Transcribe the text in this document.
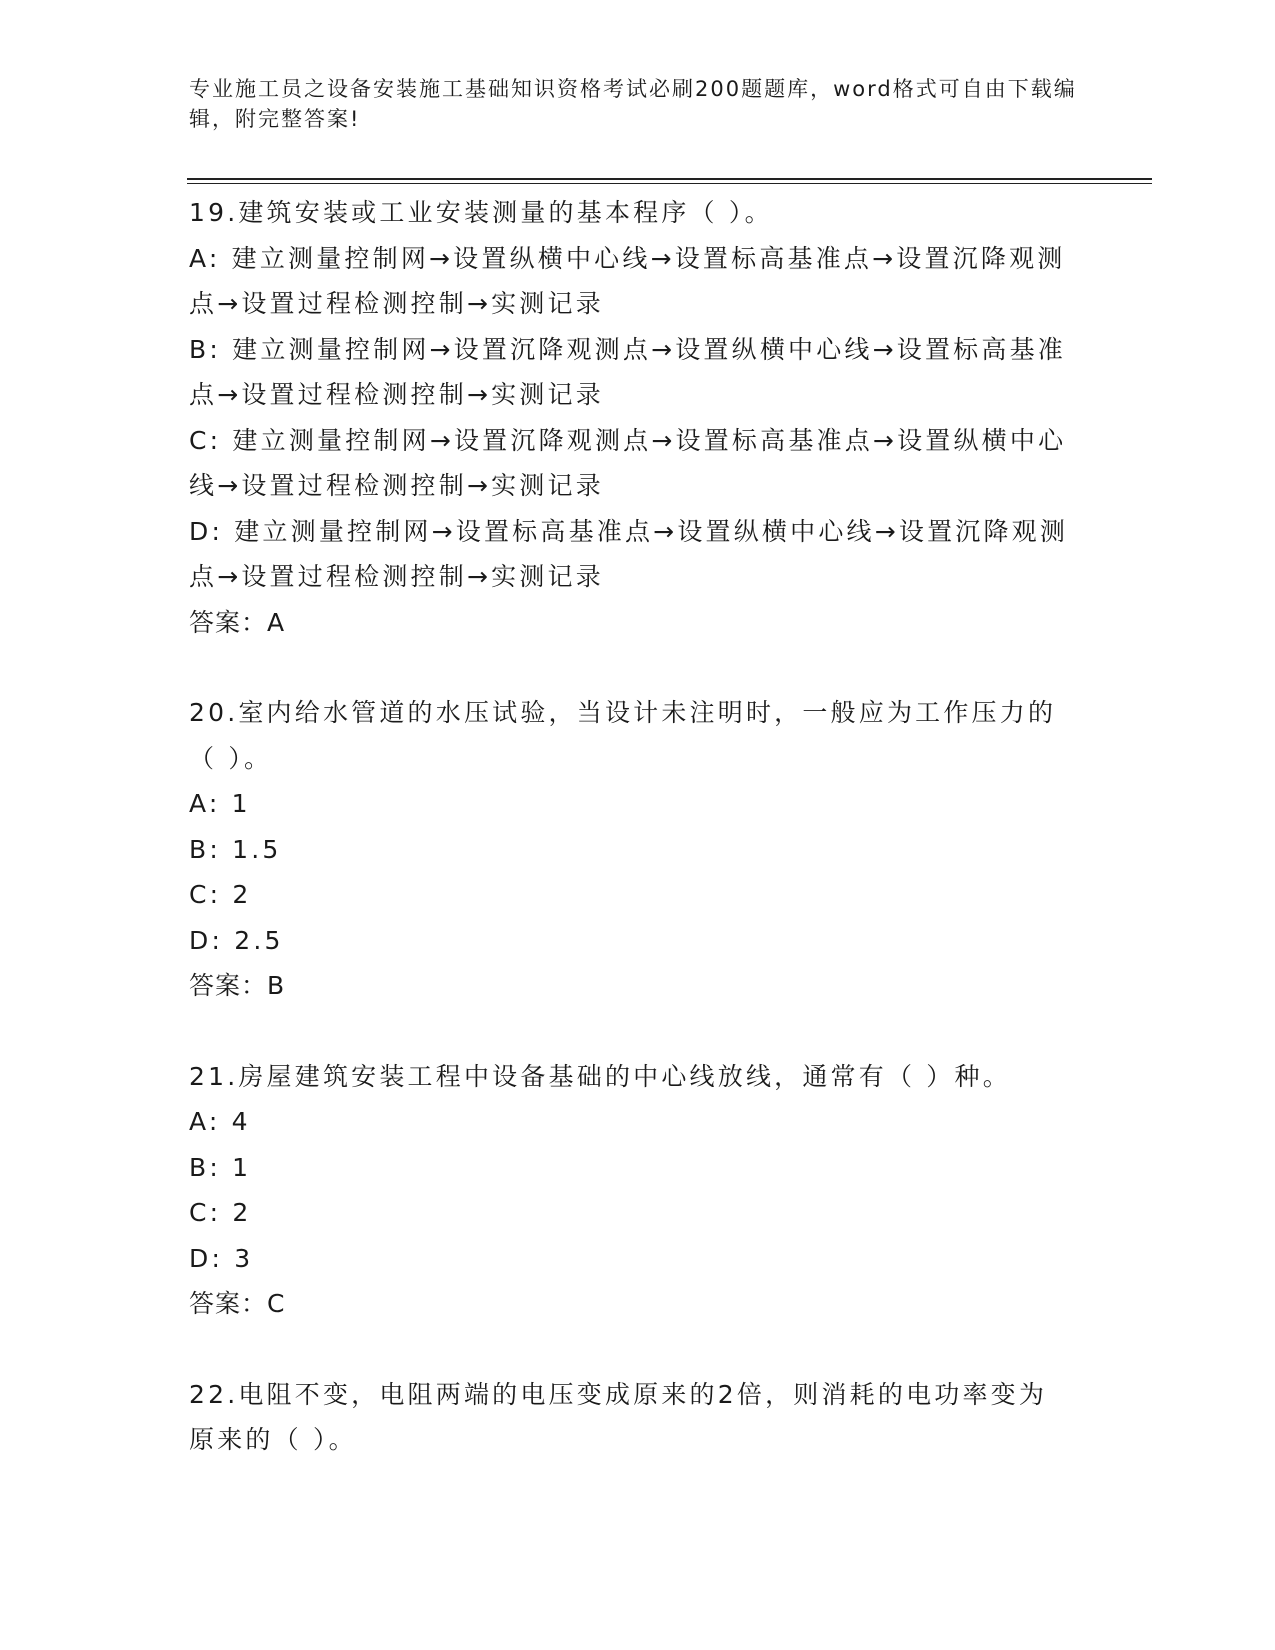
专业施工员之设备安装施工基础知识资格考试必刷200题题库，word格式可自由下载编辑，附完整答案!

19.建筑安装或工业安装测量的基本程序（ ）。

A: 建立测量控制网→设置纵横中心线→设置标高基准点→设置沉降观测点→设置过程检测控制→实测记录

B: 建立测量控制网→设置沉降观测点→设置纵横中心线→设置标高基准点→设置过程检测控制→实测记录

C: 建立测量控制网→设置沉降观测点→设置标高基准点→设置纵横中心线→设置过程检测控制→实测记录

D: 建立测量控制网→设置标高基准点→设置纵横中心线→设置沉降观测点→设置过程检测控制→实测记录

答案：A

20.室内给水管道的水压试验，当设计未注明时，一般应为工作压力的（ ）。

A: 1

B: 1.5

C: 2

D: 2.5

答案：B

21.房屋建筑安装工程中设备基础的中心线放线，通常有（ ）种。

A: 4

B: 1

C: 2

D: 3

答案：C

22.电阻不变，电阻两端的电压变成原来的2倍，则消耗的电功率变为原来的（ ）。
